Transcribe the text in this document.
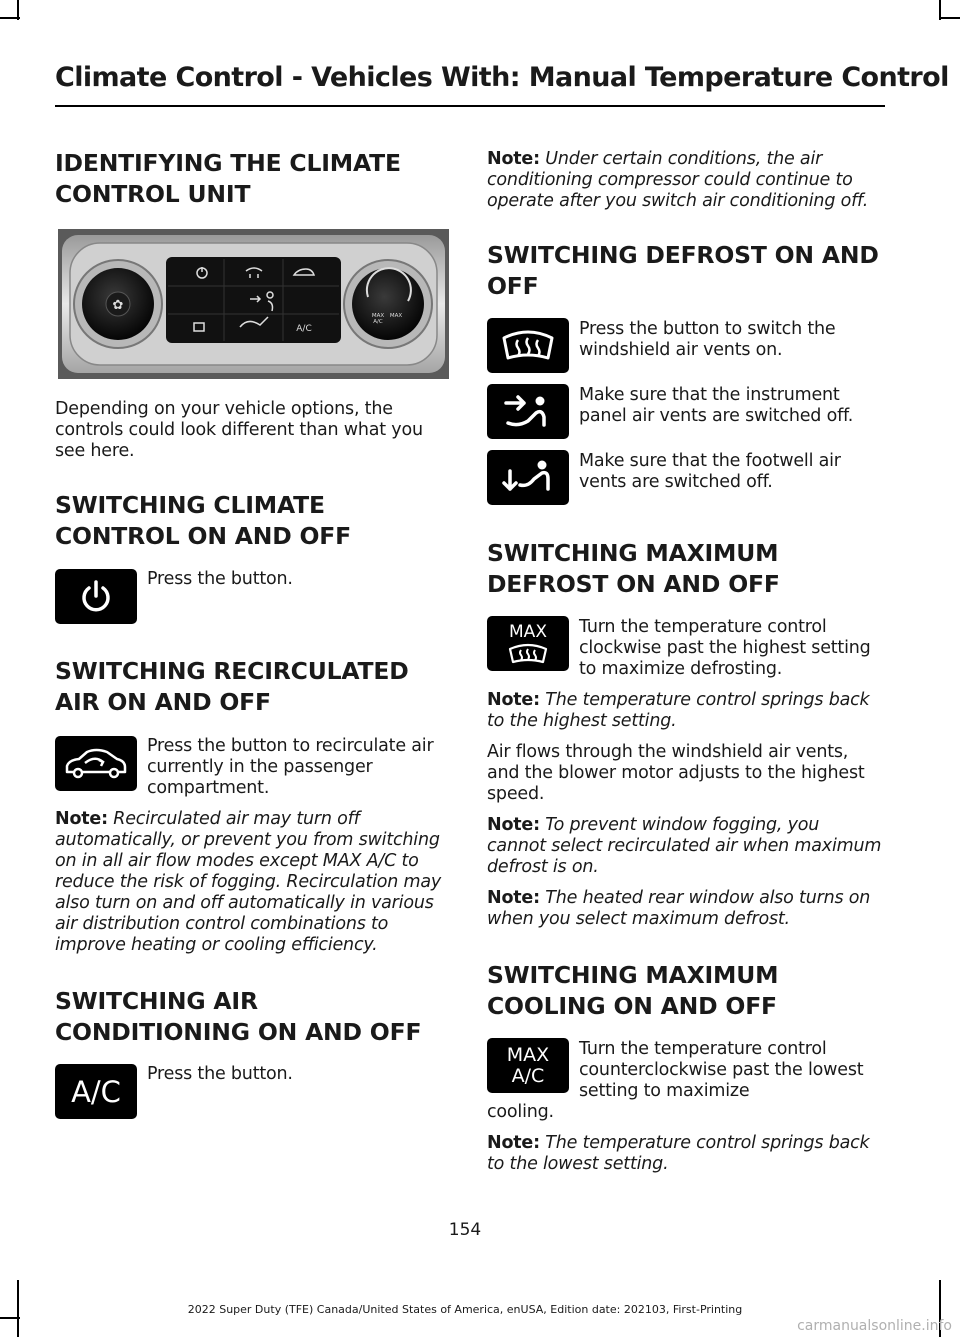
Climate Control - Vehicles With: Manual Temperature Control
IDENTIFYING THE CLIMATE
CONTROL UNIT
✿
MAX
A/C
MAX
A/C

Depending on your vehicle options, the controls could look different than what you see here.

SWITCHING CLIMATE
CONTROL ON AND OFF
Press the button.
SWITCHING RECIRCULATED
AIR ON AND OFF
Press the button to recirculate air currently in the passenger compartment.

Note: Recirculated air may turn off automatically, or prevent you from switching on in all air flow modes except MAX A/C to reduce the risk of fogging. Recirculation may also turn on and off automatically in various air distribution control combinations to improve heating or cooling efficiency.

SWITCHING AIR
CONDITIONING ON AND OFF
A/C
Press the button.

Note: Under certain conditions, the air conditioning compressor could continue to operate after you switch air conditioning off.

SWITCHING DEFROST ON AND
OFF
Press the button to switch the windshield air vents on.
Make sure that the instrument panel air vents are switched off.
Make sure that the footwell air vents are switched off.
SWITCHING MAXIMUM
DEFROST ON AND OFF
MAX Turn the temperature control clockwise past the highest setting to maximize defrosting.

Note: The temperature control springs back to the highest setting.

Air flows through the windshield air vents, and the blower motor adjusts to the highest speed.

Note: To prevent window fogging, you cannot select recirculated air when maximum defrost is on.

Note: The heated rear window also turns on when you select maximum defrost.

SWITCHING MAXIMUM
COOLING ON AND OFF
MAX
A/C
Turn the temperature control counterclockwise past the lowest setting to maximize
cooling.

Note: The temperature control springs back to the lowest setting.

154
2022 Super Duty (TFE) Canada/United States of America, enUSA, Edition date: 202103, First-Printing
carmanualsonline.info
